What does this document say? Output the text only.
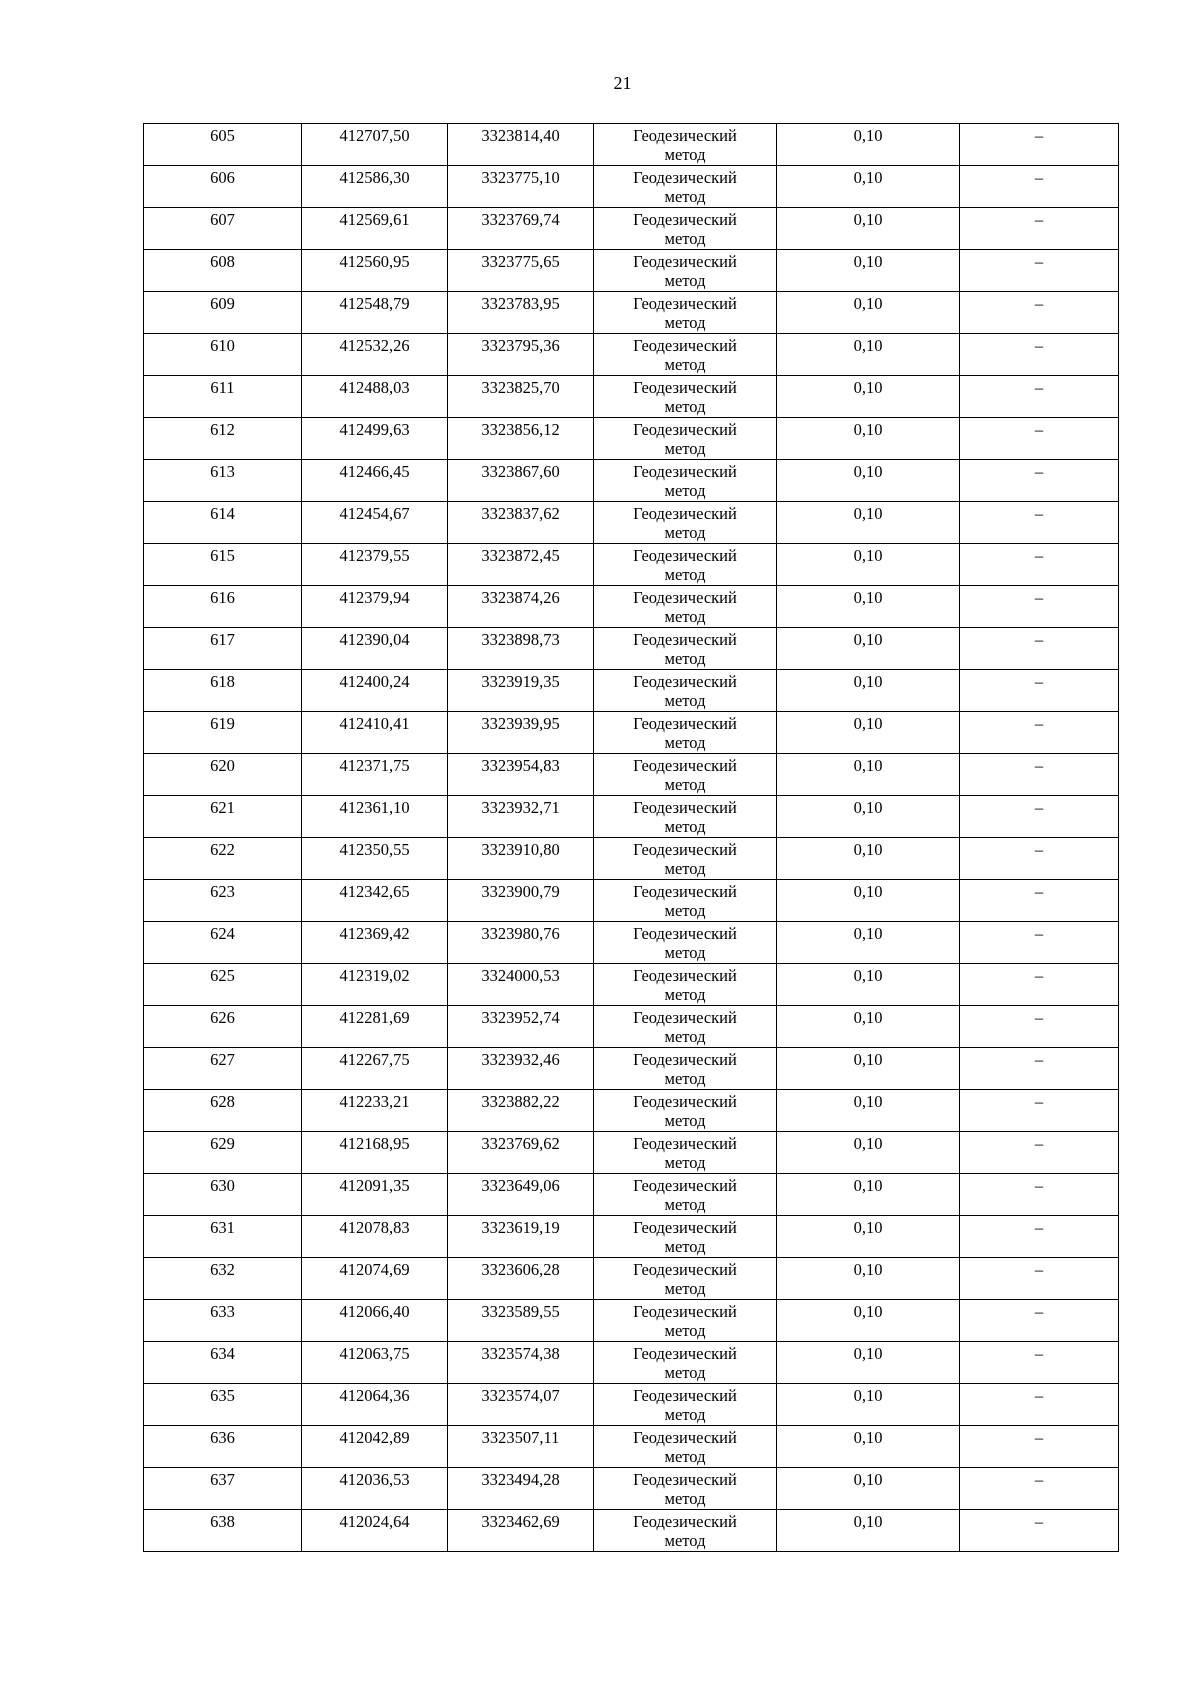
21
605	412707,50	3323814,40	Геодезический
метод	0,10	–

606	412586,30	3323775,10	Геодезический
метод	0,10	–

607	412569,61	3323769,74	Геодезический
метод	0,10	–

608	412560,95	3323775,65	Геодезический
метод	0,10	–

609	412548,79	3323783,95	Геодезический
метод	0,10	–

610	412532,26	3323795,36	Геодезический
метод	0,10	–

611	412488,03	3323825,70	Геодезический
метод	0,10	–

612	412499,63	3323856,12	Геодезический
метод	0,10	–

613	412466,45	3323867,60	Геодезический
метод	0,10	–

614	412454,67	3323837,62	Геодезический
метод	0,10	–

615	412379,55	3323872,45	Геодезический
метод	0,10	–

616	412379,94	3323874,26	Геодезический
метод	0,10	–

617	412390,04	3323898,73	Геодезический
метод	0,10	–

618	412400,24	3323919,35	Геодезический
метод	0,10	–

619	412410,41	3323939,95	Геодезический
метод	0,10	–

620	412371,75	3323954,83	Геодезический
метод	0,10	–

621	412361,10	3323932,71	Геодезический
метод	0,10	–

622	412350,55	3323910,80	Геодезический
метод	0,10	–

623	412342,65	3323900,79	Геодезический
метод	0,10	–

624	412369,42	3323980,76	Геодезический
метод	0,10	–

625	412319,02	3324000,53	Геодезический
метод	0,10	–

626	412281,69	3323952,74	Геодезический
метод	0,10	–

627	412267,75	3323932,46	Геодезический
метод	0,10	–

628	412233,21	3323882,22	Геодезический
метод	0,10	–

629	412168,95	3323769,62	Геодезический
метод	0,10	–

630	412091,35	3323649,06	Геодезический
метод	0,10	–

631	412078,83	3323619,19	Геодезический
метод	0,10	–

632	412074,69	3323606,28	Геодезический
метод	0,10	–

633	412066,40	3323589,55	Геодезический
метод	0,10	–

634	412063,75	3323574,38	Геодезический
метод	0,10	–

635	412064,36	3323574,07	Геодезический
метод	0,10	–

636	412042,89	3323507,11	Геодезический
метод	0,10	–

637	412036,53	3323494,28	Геодезический
метод	0,10	–

638	412024,64	3323462,69	Геодезический
метод	0,10	–
